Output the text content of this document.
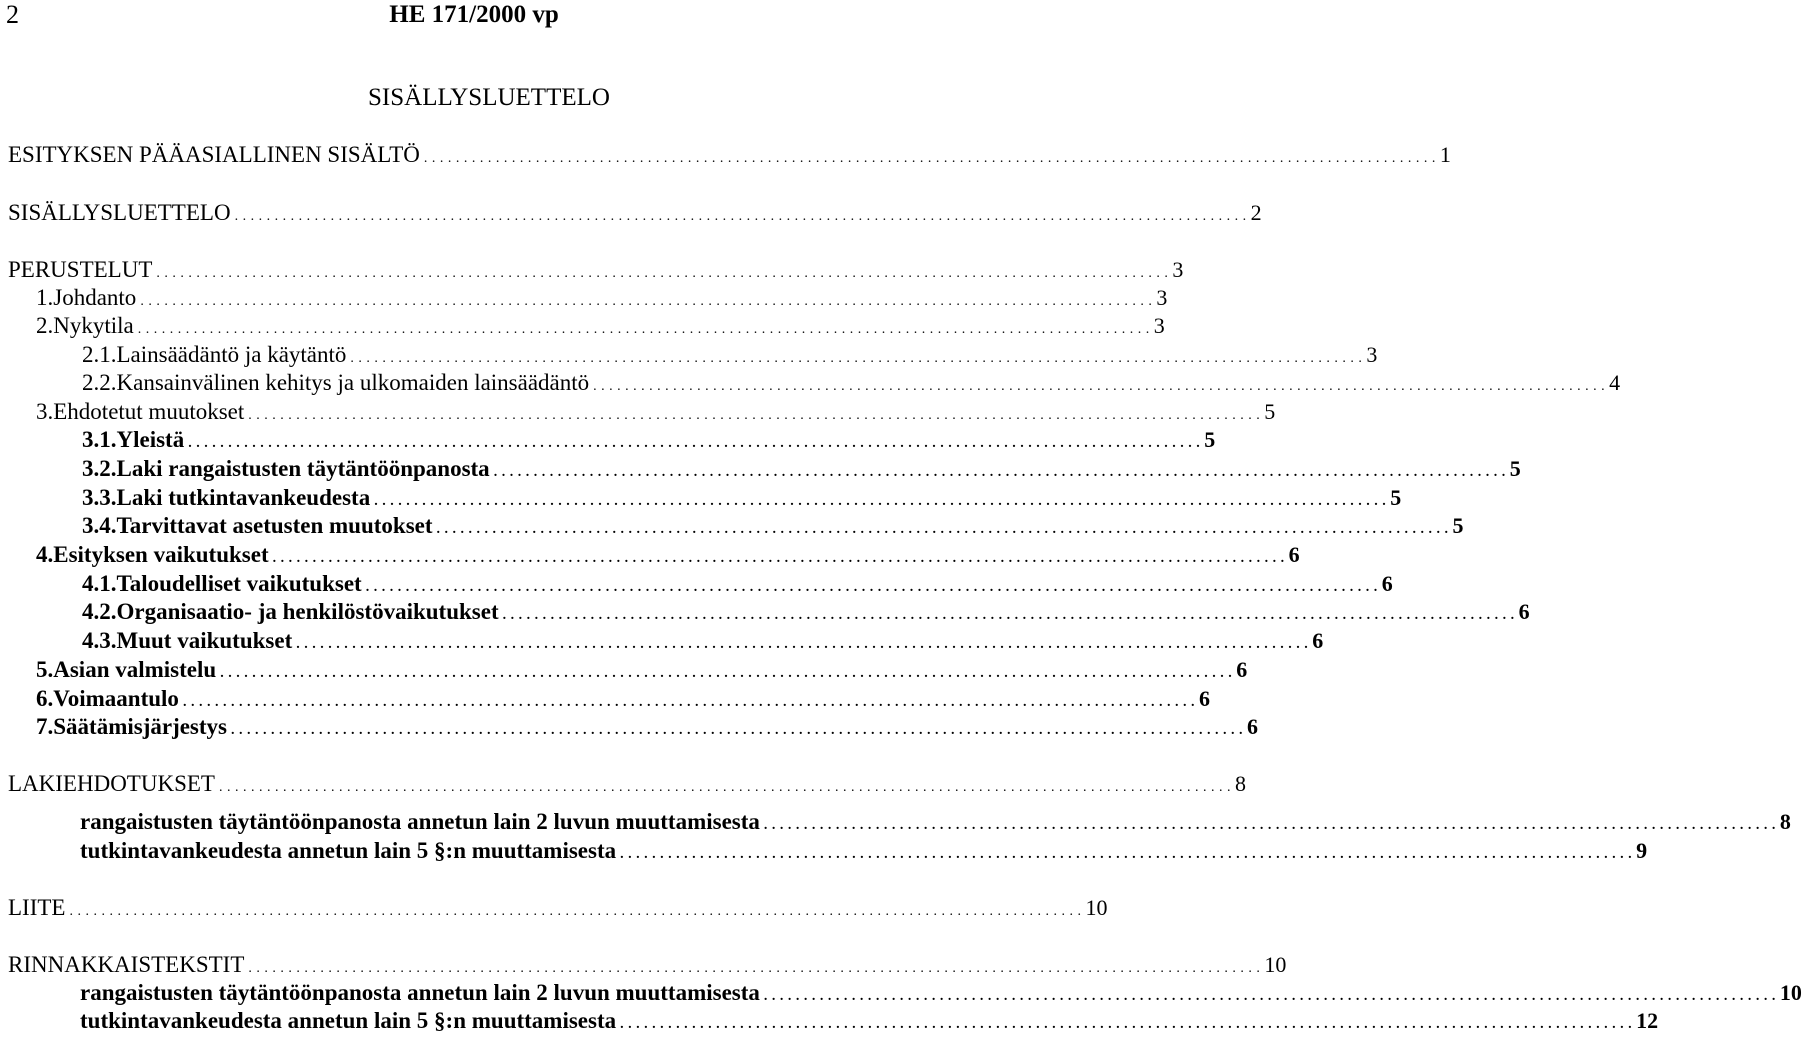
2	HE 171/2000 vp
SISÄLLYSLUETTELO
ESITYKSEN PÄÄASIALLINEN SISÄLTÖ . . . . . . . . . . . . . . . . . . . . . . . . . . . . . . . . . . . . . . . . . . . . . . . . . . . . . . . . . . . . . . . . . . . . . . . . . . . . . . . . . . . . . . . . . . . . . . . . . . . . . . . . . . . . . . . . . . . . . . . . . . . . . . . 1
SISÄLLYSLUETTELO . . . . . . . . . . . . . . . . . . . . . . . . . . . . . . . . . . . . . . . . . . . . . . . . . . . . . . . . . . . . . . . . . . . . . . . . . . . . . . . . . . . . . . . . . . . . . . . . . . . . . . . . . . . . . . . . . . . . . . . . . . . . . . . 2
PERUSTELUT . . . . . . . . . . . . . . . . . . . . . . . . . . . . . . . . . . . . . . . . . . . . . . . . . . . . . . . . . . . . . . . . . . . . . . . . . . . . . . . . . . . . . . . . . . . . . . . . . . . . . . . . . . . . . . . . . . . . . . . . . . . . . . . 3
1. Johdanto . . . . . . . . . . . . . . . . . . . . . . . . . . . . . . . . . . . . . . . . . . . . . . . . . . . . . . . . . . . . . . . . . . . . . . . . . . . . . . . . . . . . . . . . . . . . . . . . . . . . . . . . . . . . . . . . . . . . . . . . . . . . . . . 3
2. Nykytila . . . . . . . . . . . . . . . . . . . . . . . . . . . . . . . . . . . . . . . . . . . . . . . . . . . . . . . . . . . . . . . . . . . . . . . . . . . . . . . . . . . . . . . . . . . . . . . . . . . . . . . . . . . . . . . . . . . . . . . . . . . . . . . 3
2.1. Lainsäädäntö ja käytäntö . . . . . . . . . . . . . . . . . . . . . . . . . . . . . . . . . . . . . . . . . . . . . . . . . . . . . . . . . . . . . . . . . . . . . . . . . . . . . . . . . . . . . . . . . . . . . . . . . . . . . . . . . . . . . . . . . . . . . . . . . . . . . . . 3
2.2. Kansainvälinen kehitys ja ulkomaiden lainsäädäntö . . . . . . . . . . . . . . . . . . . . . . . . . . . . . . . . . . . . . . . . . . . . . . . . . . . . . . . . . . . . . . . . . . . . . . . . . . . . . . . . . . . . . . . . . . . . . . . . . . . . . . . . . . . . . . . . . . . . . . . . . . . . . . . 4
3. Ehdotetut muutokset . . . . . . . . . . . . . . . . . . . . . . . . . . . . . . . . . . . . . . . . . . . . . . . . . . . . . . . . . . . . . . . . . . . . . . . . . . . . . . . . . . . . . . . . . . . . . . . . . . . . . . . . . . . . . . . . . . . . . . . . . . . . . . . 5
3.1. Yleistä . . . . . . . . . . . . . . . . . . . . . . . . . . . . . . . . . . . . . . . . . . . . . . . . . . . . . . . . . . . . . . . . . . . . . . . . . . . . . . . . . . . . . . . . . . . . . . . . . . . . . . . . . . . . . . . . . . . . . . . . . . . . . . . 5
3.2. Laki rangaistusten täytäntöönpanosta . . . . . . . . . . . . . . . . . . . . . . . . . . . . . . . . . . . . . . . . . . . . . . . . . . . . . . . . . . . . . . . . . . . . . . . . . . . . . . . . . . . . . . . . . . . . . . . . . . . . . . . . . . . . . . . . . . . . . . . . . . . . . . . 5
3.3. Laki tutkintavankeudesta . . . . . . . . . . . . . . . . . . . . . . . . . . . . . . . . . . . . . . . . . . . . . . . . . . . . . . . . . . . . . . . . . . . . . . . . . . . . . . . . . . . . . . . . . . . . . . . . . . . . . . . . . . . . . . . . . . . . . . . . . . . . . . . 5
3.4. Tarvittavat asetusten muutokset . . . . . . . . . . . . . . . . . . . . . . . . . . . . . . . . . . . . . . . . . . . . . . . . . . . . . . . . . . . . . . . . . . . . . . . . . . . . . . . . . . . . . . . . . . . . . . . . . . . . . . . . . . . . . . . . . . . . . . . . . . . . . . . 5
4. Esityksen vaikutukset . . . . . . . . . . . . . . . . . . . . . . . . . . . . . . . . . . . . . . . . . . . . . . . . . . . . . . . . . . . . . . . . . . . . . . . . . . . . . . . . . . . . . . . . . . . . . . . . . . . . . . . . . . . . . . . . . . . . . . . . . . . . . . . 6
4.1. Taloudelliset vaikutukset . . . . . . . . . . . . . . . . . . . . . . . . . . . . . . . . . . . . . . . . . . . . . . . . . . . . . . . . . . . . . . . . . . . . . . . . . . . . . . . . . . . . . . . . . . . . . . . . . . . . . . . . . . . . . . . . . . . . . . . . . . . . . . . 6
4.2. Organisaatio- ja henkilöstövaikutukset . . . . . . . . . . . . . . . . . . . . . . . . . . . . . . . . . . . . . . . . . . . . . . . . . . . . . . . . . . . . . . . . . . . . . . . . . . . . . . . . . . . . . . . . . . . . . . . . . . . . . . . . . . . . . . . . . . . . . . . . . . . . . . . 6
4.3. Muut vaikutukset . . . . . . . . . . . . . . . . . . . . . . . . . . . . . . . . . . . . . . . . . . . . . . . . . . . . . . . . . . . . . . . . . . . . . . . . . . . . . . . . . . . . . . . . . . . . . . . . . . . . . . . . . . . . . . . . . . . . . . . . . . . . . . . 6
5. Asian valmistelu . . . . . . . . . . . . . . . . . . . . . . . . . . . . . . . . . . . . . . . . . . . . . . . . . . . . . . . . . . . . . . . . . . . . . . . . . . . . . . . . . . . . . . . . . . . . . . . . . . . . . . . . . . . . . . . . . . . . . . . . . . . . . . . 6
6. Voimaantulo . . . . . . . . . . . . . . . . . . . . . . . . . . . . . . . . . . . . . . . . . . . . . . . . . . . . . . . . . . . . . . . . . . . . . . . . . . . . . . . . . . . . . . . . . . . . . . . . . . . . . . . . . . . . . . . . . . . . . . . . . . . . . . . 6
7. Säätämisjärjestys . . . . . . . . . . . . . . . . . . . . . . . . . . . . . . . . . . . . . . . . . . . . . . . . . . . . . . . . . . . . . . . . . . . . . . . . . . . . . . . . . . . . . . . . . . . . . . . . . . . . . . . . . . . . . . . . . . . . . . . . . . . . . . . 6
LAKIEHDOTUKSET . . . . . . . . . . . . . . . . . . . . . . . . . . . . . . . . . . . . . . . . . . . . . . . . . . . . . . . . . . . . . . . . . . . . . . . . . . . . . . . . . . . . . . . . . . . . . . . . . . . . . . . . . . . . . . . . . . . . . . . . . . . . . . . 8
rangaistusten täytäntöönpanosta annetun lain 2 luvun muuttamisesta . . . . . . . . . . . . . . . . . . . . . . . . . . . . . . . . . . . . . . . . . . . . . . . . . . . . . . . . . . . . . . . . . . . . . . . . . . . . . . . . . . . . . . . . . . . . . . . . . . . . . . . . . . . . . . . . . . . . . . . . . . . . . . . 8
tutkintavankeudesta annetun lain 5 §:n muuttamisesta . . . . . . . . . . . . . . . . . . . . . . . . . . . . . . . . . . . . . . . . . . . . . . . . . . . . . . . . . . . . . . . . . . . . . . . . . . . . . . . . . . . . . . . . . . . . . . . . . . . . . . . . . . . . . . . . . . . . . . . . . . . . . . . 9
LIITE . . . . . . . . . . . . . . . . . . . . . . . . . . . . . . . . . . . . . . . . . . . . . . . . . . . . . . . . . . . . . . . . . . . . . . . . . . . . . . . . . . . . . . . . . . . . . . . . . . . . . . . . . . . . . . . . . . . . . . . . . . . . . . . 10
RINNAKKAISTEKSTIT . . . . . . . . . . . . . . . . . . . . . . . . . . . . . . . . . . . . . . . . . . . . . . . . . . . . . . . . . . . . . . . . . . . . . . . . . . . . . . . . . . . . . . . . . . . . . . . . . . . . . . . . . . . . . . . . . . . . . . . . . . . . . . . 10
rangaistusten täytäntöönpanosta annetun lain 2 luvun muuttamisesta . . . . . . . . . . . . . . . . . . . . . . . . . . . . . . . . . . . . . . . . . . . . . . . . . . . . . . . . . . . . . . . . . . . . . . . . . . . . . . . . . . . . . . . . . . . . . . . . . . . . . . . . . . . . . . . . . . . . . . . . . . . . . . . 10
tutkintavankeudesta annetun lain 5 §:n muuttamisesta . . . . . . . . . . . . . . . . . . . . . . . . . . . . . . . . . . . . . . . . . . . . . . . . . . . . . . . . . . . . . . . . . . . . . . . . . . . . . . . . . . . . . . . . . . . . . . . . . . . . . . . . . . . . . . . . . . . . . . . . . . . . . . . 12
